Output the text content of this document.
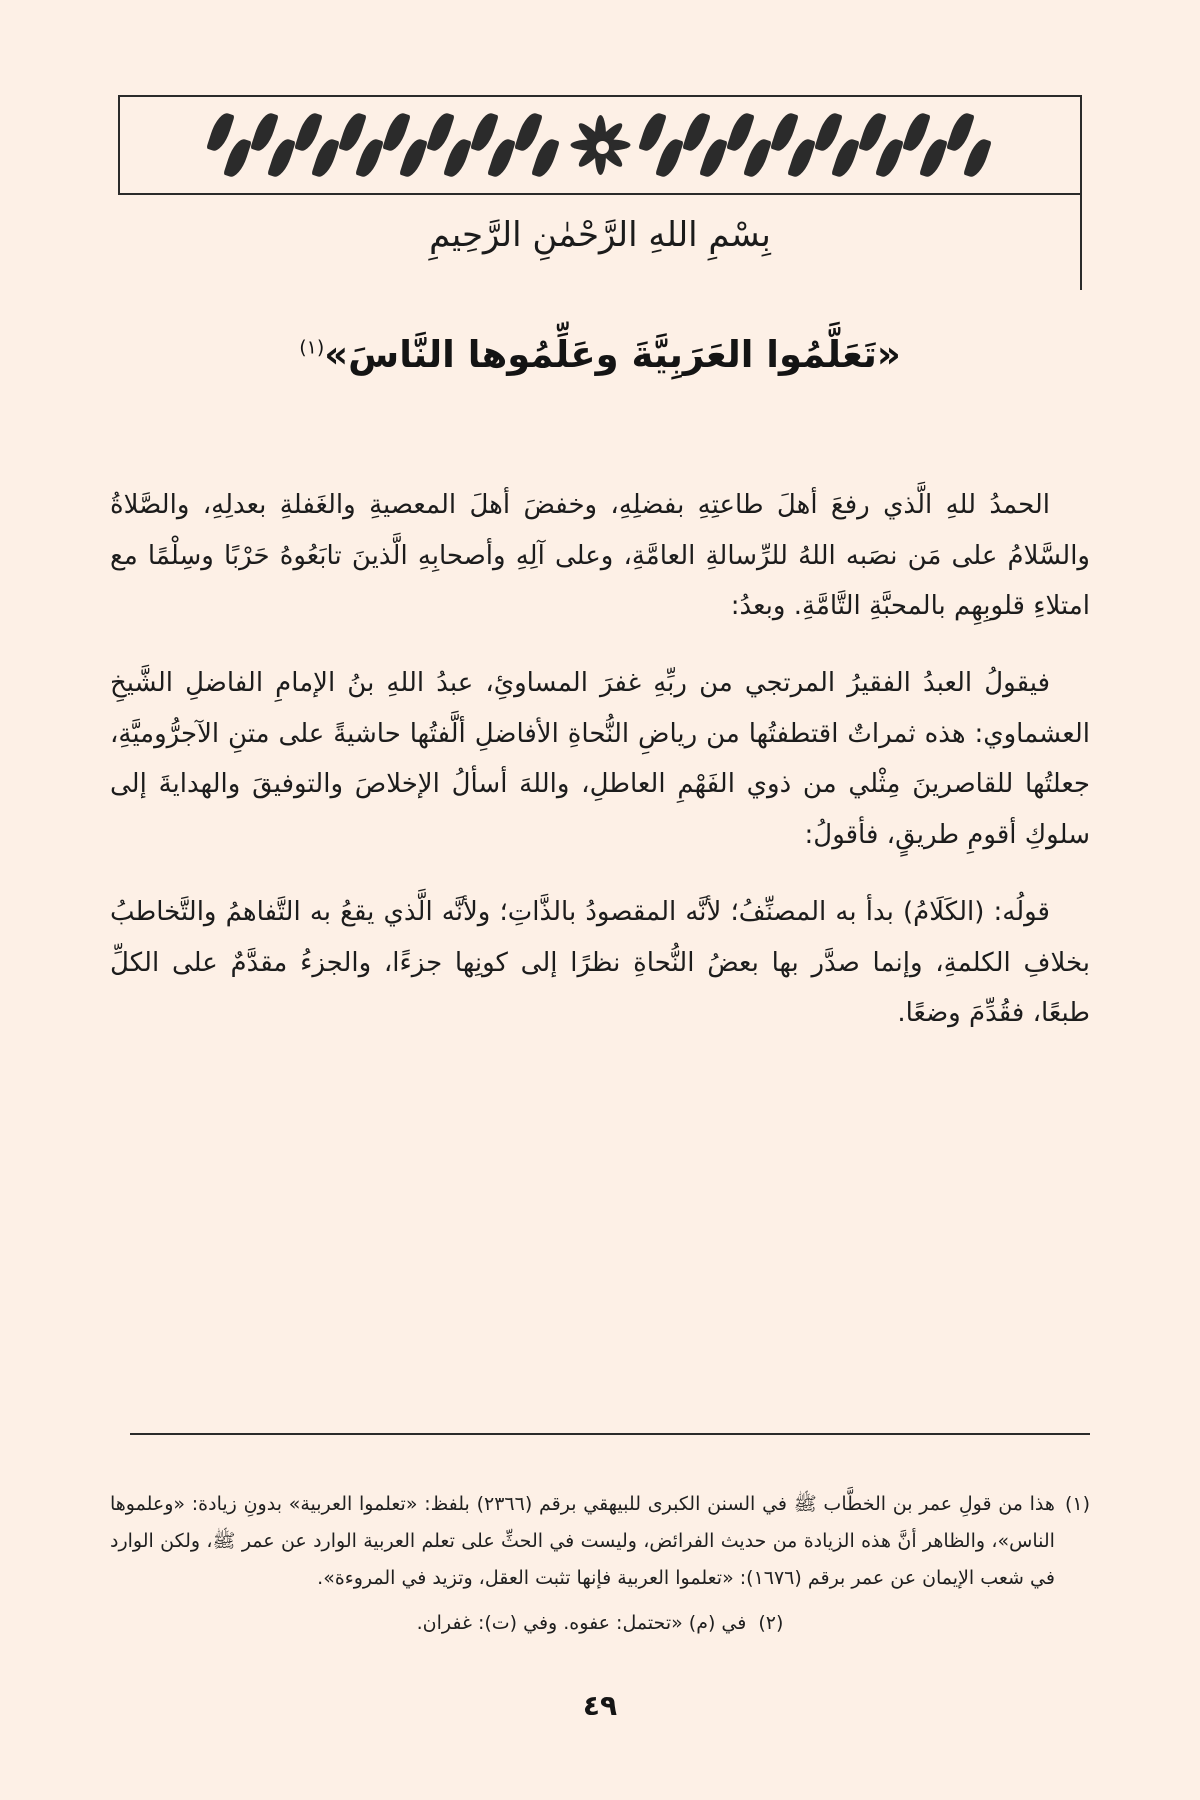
بِسْمِ اللهِ الرَّحْمٰنِ الرَّحِيمِ
«تَعَلَّمُوا العَرَبِيَّةَ وعَلِّمُوها النَّاسَ»$^{(١)}$

الحمدُ للهِ الَّذي رفعَ أهلَ طاعتِهِ بفضلِهِ، وخفضَ أهلَ المعصيةِ والغَفلةِ بعدلِهِ، والصَّلاةُ والسَّلامُ على مَن نصَبه اللهُ للرِّسالةِ العامَّةِ، وعلى آلِهِ وأصحابِهِ الَّذينَ تابَعُوهُ حَرْبًا وسِلْمًا مع امتلاءِ قلوبِهِم بالمحبَّةِ التَّامَّةِ. وبعدُ:

فيقولُ العبدُ الفقيرُ المرتجي من ربِّهِ غفرَ المساوئِ، عبدُ اللهِ بنُ الإمامِ الفاضلِ الشَّيخِ العشماوي: هذه ثمراتٌ اقتطفتُها من رياضِ النُّحاةِ الأفاضلِ ألَّفتُها حاشيةً على متنِ الآجرُّوميَّةِ، جعلتُها للقاصرينَ مِثْلي من ذوي الفَهْمِ العاطلِ، واللهَ أسألُ الإخلاصَ والتوفيقَ والهدايةَ إلى سلوكِ أقومِ طريقٍ، فأقولُ:

قولُه: (الكَلَامُ) بدأ به المصنِّفُ؛ لأنَّه المقصودُ بالذَّاتِ؛ ولأنَّه الَّذي يقعُ به التَّفاهمُ والتَّخاطبُ بخلافِ الكلمةِ، وإنما صدَّر بها بعضُ النُّحاةِ نظرًا إلى كونِها جزءًا، والجزءُ مقدَّمٌ على الكلِّ طبعًا، فقُدِّمَ وضعًا.

(١)
هذا من قولِ عمر بن الخطَّاب ﷺ في السنن الكبرى للبيهقي برقم (٢٣٦٦) بلفظ: «تعلموا العربية» بدونِ زيادة: «وعلموها الناس»، والظاهر أنَّ هذه الزيادة من حديث الفرائض، وليست في الحثِّ على تعلم العربية الوارد عن عمر ﷺ، ولكن الوارد في شعب الإيمان عن عمر برقم (١٦٧٦): «تعلموا العربية فإنها تثبت العقل، وتزيد في المروءة».
(٢)
في (م) «تحتمل: عفوه. وفي (ت): غفران.
٤٩
